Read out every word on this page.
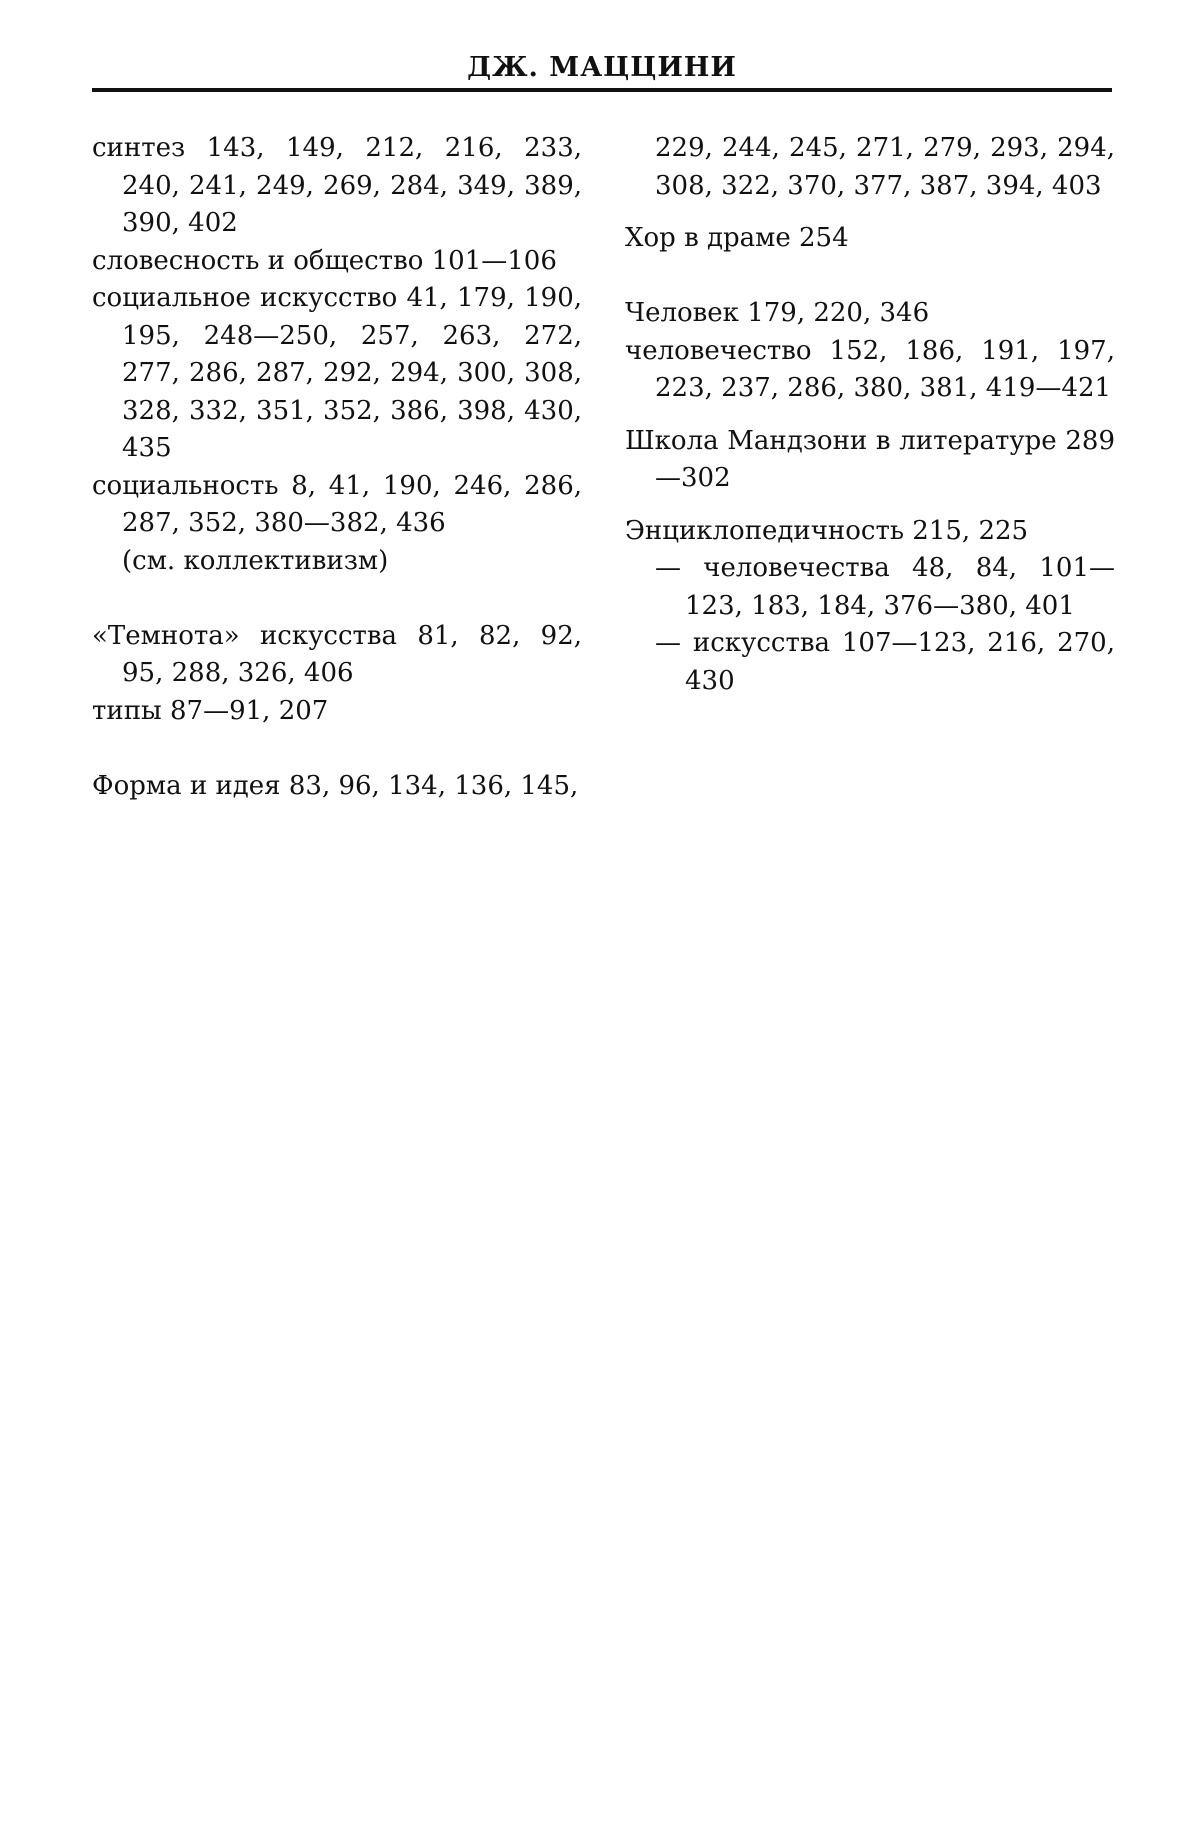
ДЖ. МАЦЦИНИ
синтез 143, 149, 212, 216, 233, 240, 241, 249, 269, 284, 349, 389, 390, 402
словесность и общество 101—106
социальное искусство 41, 179, 190, 195, 248—250, 257, 263, 272, 277, 286, 287, 292, 294, 300, 308, 328, 332, 351, 352, 386, 398, 430, 435
социальность 8, 41, 190, 246, 286, 287, 352, 380—382, 436
(см. коллективизм)
«Темнота» искусства 81, 82, 92, 95, 288, 326, 406
типы 87—91, 207
Форма и идея 83, 96, 134, 136, 145,
229, 244, 245, 271, 279, 293, 294, 308, 322, 370, 377, 387, 394, 403
Хор в драме 254
Человек 179, 220, 346
человечество 152, 186, 191, 197, 223, 237, 286, 380, 381, 419—421
Школа Мандзони в литературе 289—302
Энциклопедичность 215, 225
— человечества 48, 84, 101—123, 183, 184, 376—380, 401
— искусства 107—123, 216, 270, 430
